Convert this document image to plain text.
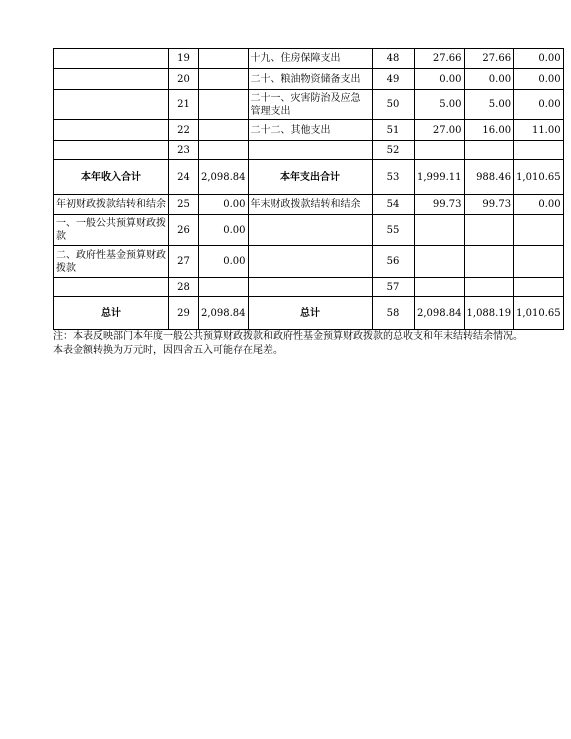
	19		十九、住房保障支出	48	27.66	27.66	0.00
	20		二十、粮油物资储备支出	49	0.00	0.00	0.00
	21		二十一、灾害防治及应急管理支出	50	5.00	5.00	0.00
	22		二十二、其他支出	51	27.00	16.00	11.00
	23			52			
本年收入合计	24	2,098.84	本年支出合计	53	1,999.11	988.46	1,010.65
年初财政拨款结转和结余	25	0.00	年末财政拨款结转和结余	54	99.73	99.73	0.00
一、一般公共预算财政拨款	26	0.00		55			
二、政府性基金预算财政拨款	27	0.00		56			
	28			57			
总计	29	2,098.84	总计	58	2,098.84	1,088.19	1,010.65
注：本表反映部门本年度一般公共预算财政拨款和政府性基金预算财政拨款的总收支和年末结转结余情况。
本表金额转换为万元时，因四舍五入可能存在尾差。
